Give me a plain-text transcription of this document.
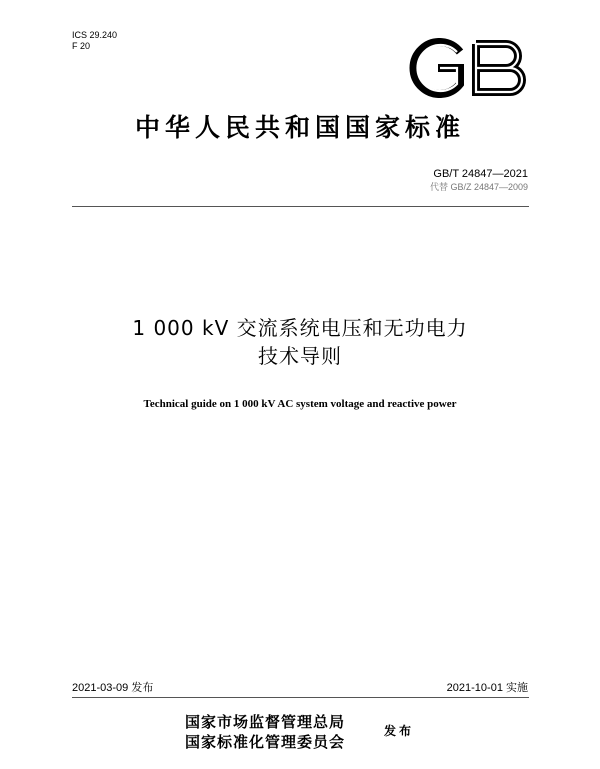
ICS 29.240
F 20
中华人民共和国国家标准
GB/T 24847—2021
代替 GB/Z 24847—2009
1 000 kV 交流系统电压和无功电力
技术导则
Technical guide on 1 000 kV AC system voltage and reactive power
2021-03-09 发布	2021-10-01 实施
国家市场监督管理总局
国家标准化管理委员会
发布
